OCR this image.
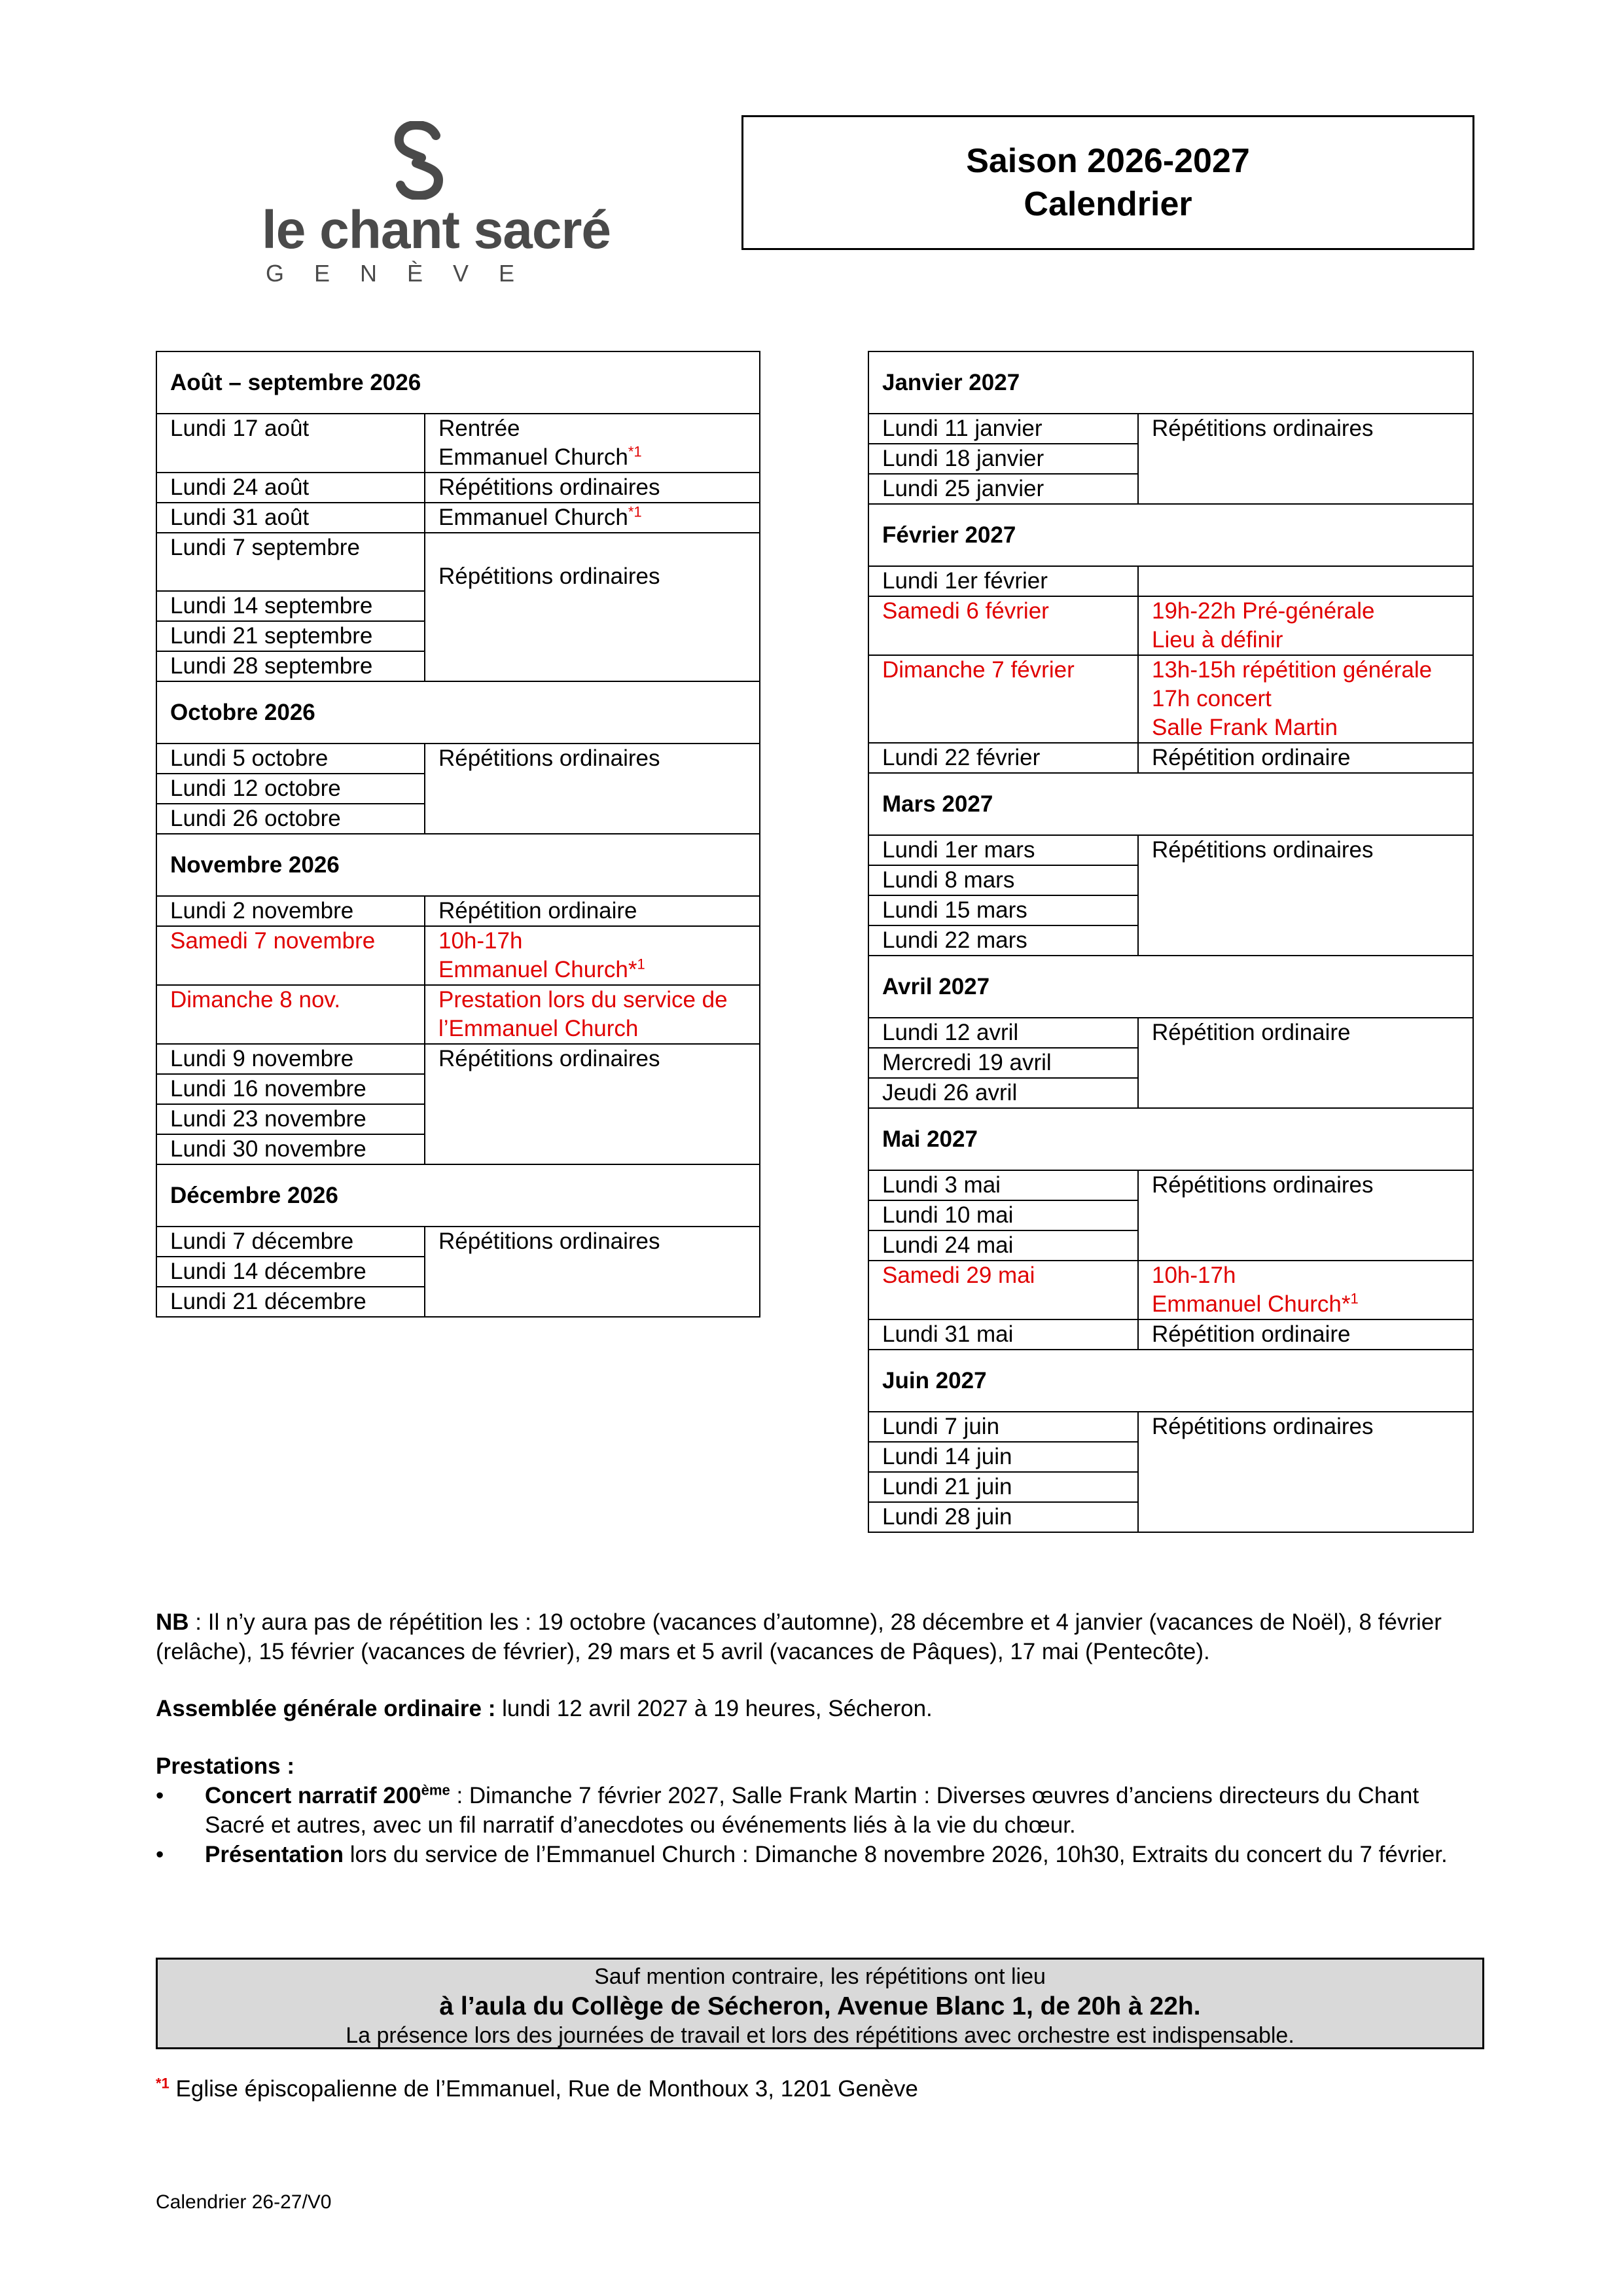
le chant sacré
GENÈVE
Saison 2026-2027
Calendrier
Août – septembre 2026	
Lundi 17 août	Rentrée
Emmanuel Church$^{*1}$
Lundi 24 août	Répétitions ordinaires
Lundi 31 août	Emmanuel Church$^{*1}$
Lundi 7 septembre	Répétitions ordinaires
Lundi 14 septembre	
Lundi 21 septembre	
Lundi 28 septembre	
Octobre 2026	
Lundi 5 octobre	Répétitions ordinaires
Lundi 12 octobre	
Lundi 26 octobre	
Novembre 2026	
Lundi 2 novembre	Répétition ordinaire
Samedi 7 novembre	10h-17h
Emmanuel Church*$^1$
Dimanche 8 nov.	Prestation lors du service de
l’Emmanuel Church
Lundi 9 novembre	Répétitions ordinaires
Lundi 16 novembre	
Lundi 23 novembre	
Lundi 30 novembre	
Décembre 2026	
Lundi 7 décembre	Répétitions ordinaires
Lundi 14 décembre	
Lundi 21 décembre	
Janvier 2027	
Lundi 11 janvier	Répétitions ordinaires
Lundi 18 janvier	
Lundi 25 janvier	
Février 2027	
Lundi 1er février	
Samedi 6 février	19h-22h Pré-générale
Lieu à définir
Dimanche 7 février	13h-15h répétition générale
17h concert
Salle Frank Martin
Lundi 22 février	Répétition ordinaire
Mars 2027	
Lundi 1er mars	Répétitions ordinaires
Lundi 8 mars	
Lundi 15 mars	
Lundi 22 mars	
Avril 2027	
Lundi 12 avril	Répétition ordinaire
Mercredi 19 avril	
Jeudi 26 avril	
Mai 2027	
Lundi 3 mai	Répétitions ordinaires
Lundi 10 mai	
Lundi 24 mai	
Samedi 29 mai	10h-17h
Emmanuel Church*$^1$
Lundi 31 mai	Répétition ordinaire
Juin 2027	
Lundi 7 juin	Répétitions ordinaires
Lundi 14 juin	
Lundi 21 juin	
Lundi 28 juin	

NB : Il n’y aura pas de répétition les : 19 octobre (vacances d’automne), 28 décembre et 4 janvier (vacances de Noël), 8 février (relâche), 15 février (vacances de février), 29 mars et 5 avril (vacances de Pâques), 17 mai (Pentecôte).

Assemblée générale ordinaire : lundi 12 avril 2027 à 19 heures, Sécheron.

Prestations :

• Concert narratif 200ème : Dimanche 7 février 2027, Salle Frank Martin : Diverses œuvres d’anciens directeurs du Chant Sacré et autres, avec un fil narratif d’anecdotes ou événements liés à la vie du chœur.
• Présentation lors du service de l’Emmanuel Church : Dimanche 8 novembre 2026, 10h30, Extraits du concert du 7 février.
Sauf mention contraire, les répétitions ont lieu
à l’aula du Collège de Sécheron, Avenue Blanc 1, de 20h à 22h.
La présence lors des journées de travail et lors des répétitions avec orchestre est indispensable.
$^{*1}$ Eglise épiscopalienne de l’Emmanuel, Rue de Monthoux 3, 1201 Genève
Calendrier 26-27/V0
